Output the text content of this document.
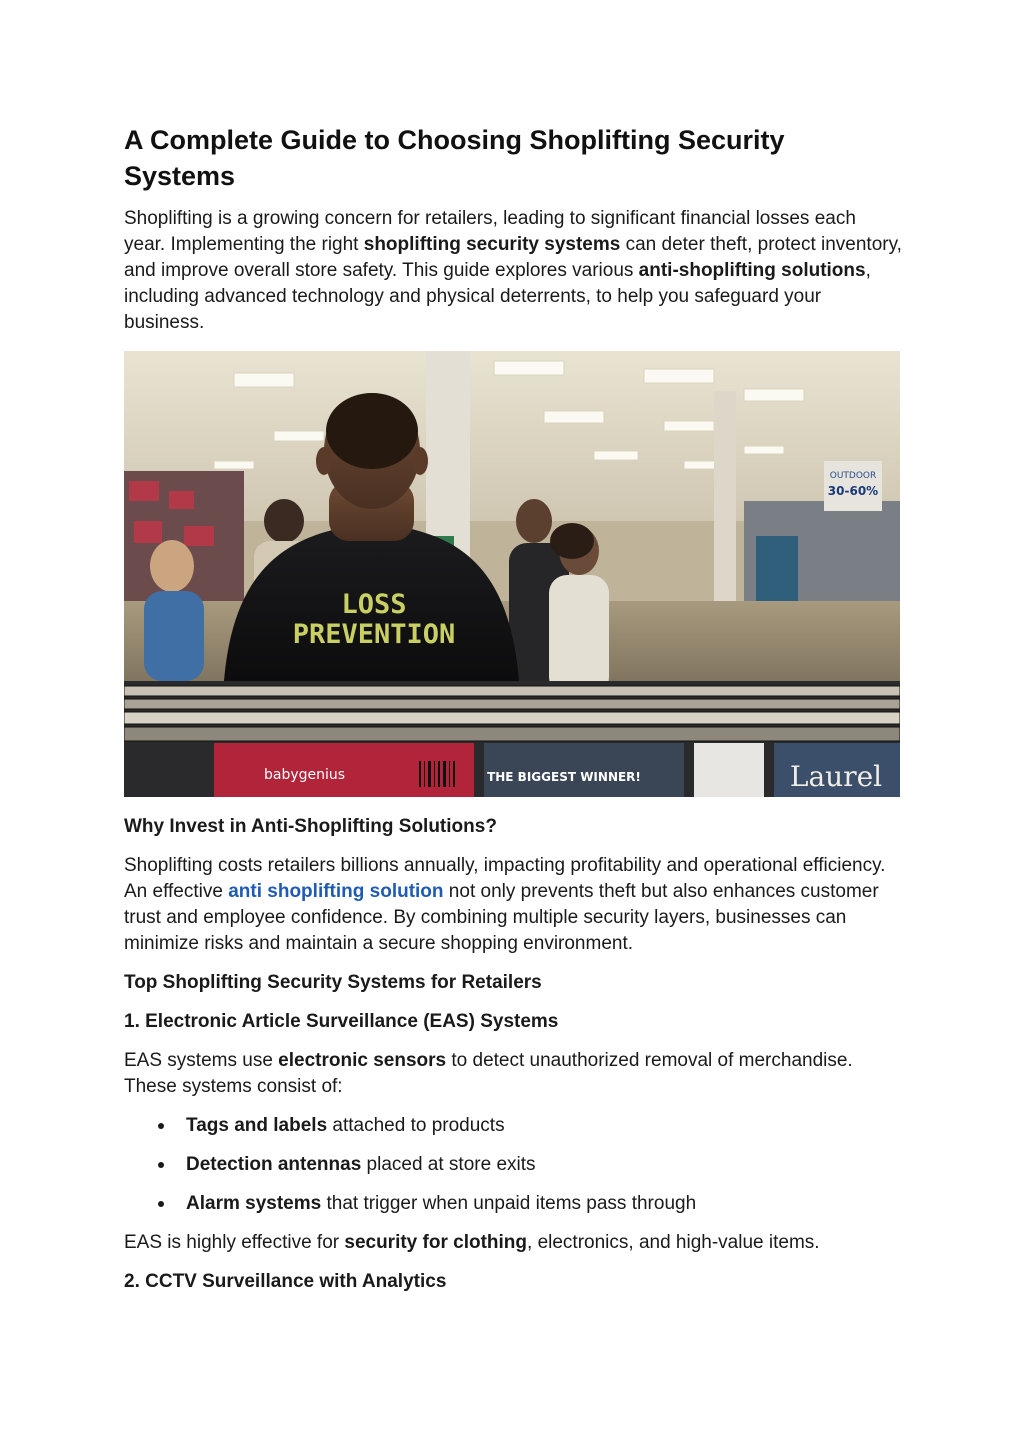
A Complete Guide to Choosing Shoplifting Security Systems

Shoplifting is a growing concern for retailers, leading to significant financial losses each year. Implementing the right shoplifting security systems can deter theft, protect inventory, and improve overall store safety. This guide explores various anti-shoplifting solutions, including advanced technology and physical deterrents, to help you safeguard your business.

OUTDOOR
30-60%
LOSS
PREVENTION
babygenius	THE BIGGEST WINNER!	Laurel

Why Invest in Anti-Shoplifting Solutions?

Shoplifting costs retailers billions annually, impacting profitability and operational efficiency. An effective anti shoplifting solution not only prevents theft but also enhances customer trust and employee confidence. By combining multiple security layers, businesses can minimize risks and maintain a secure shopping environment.

Top Shoplifting Security Systems for Retailers

1. Electronic Article Surveillance (EAS) Systems

EAS systems use electronic sensors to detect unauthorized removal of merchandise. These systems consist of:

Tags and labels attached to products
Detection antennas placed at store exits
Alarm systems that trigger when unpaid items pass through

EAS is highly effective for security for clothing, electronics, and high-value items.

2. CCTV Surveillance with Analytics
